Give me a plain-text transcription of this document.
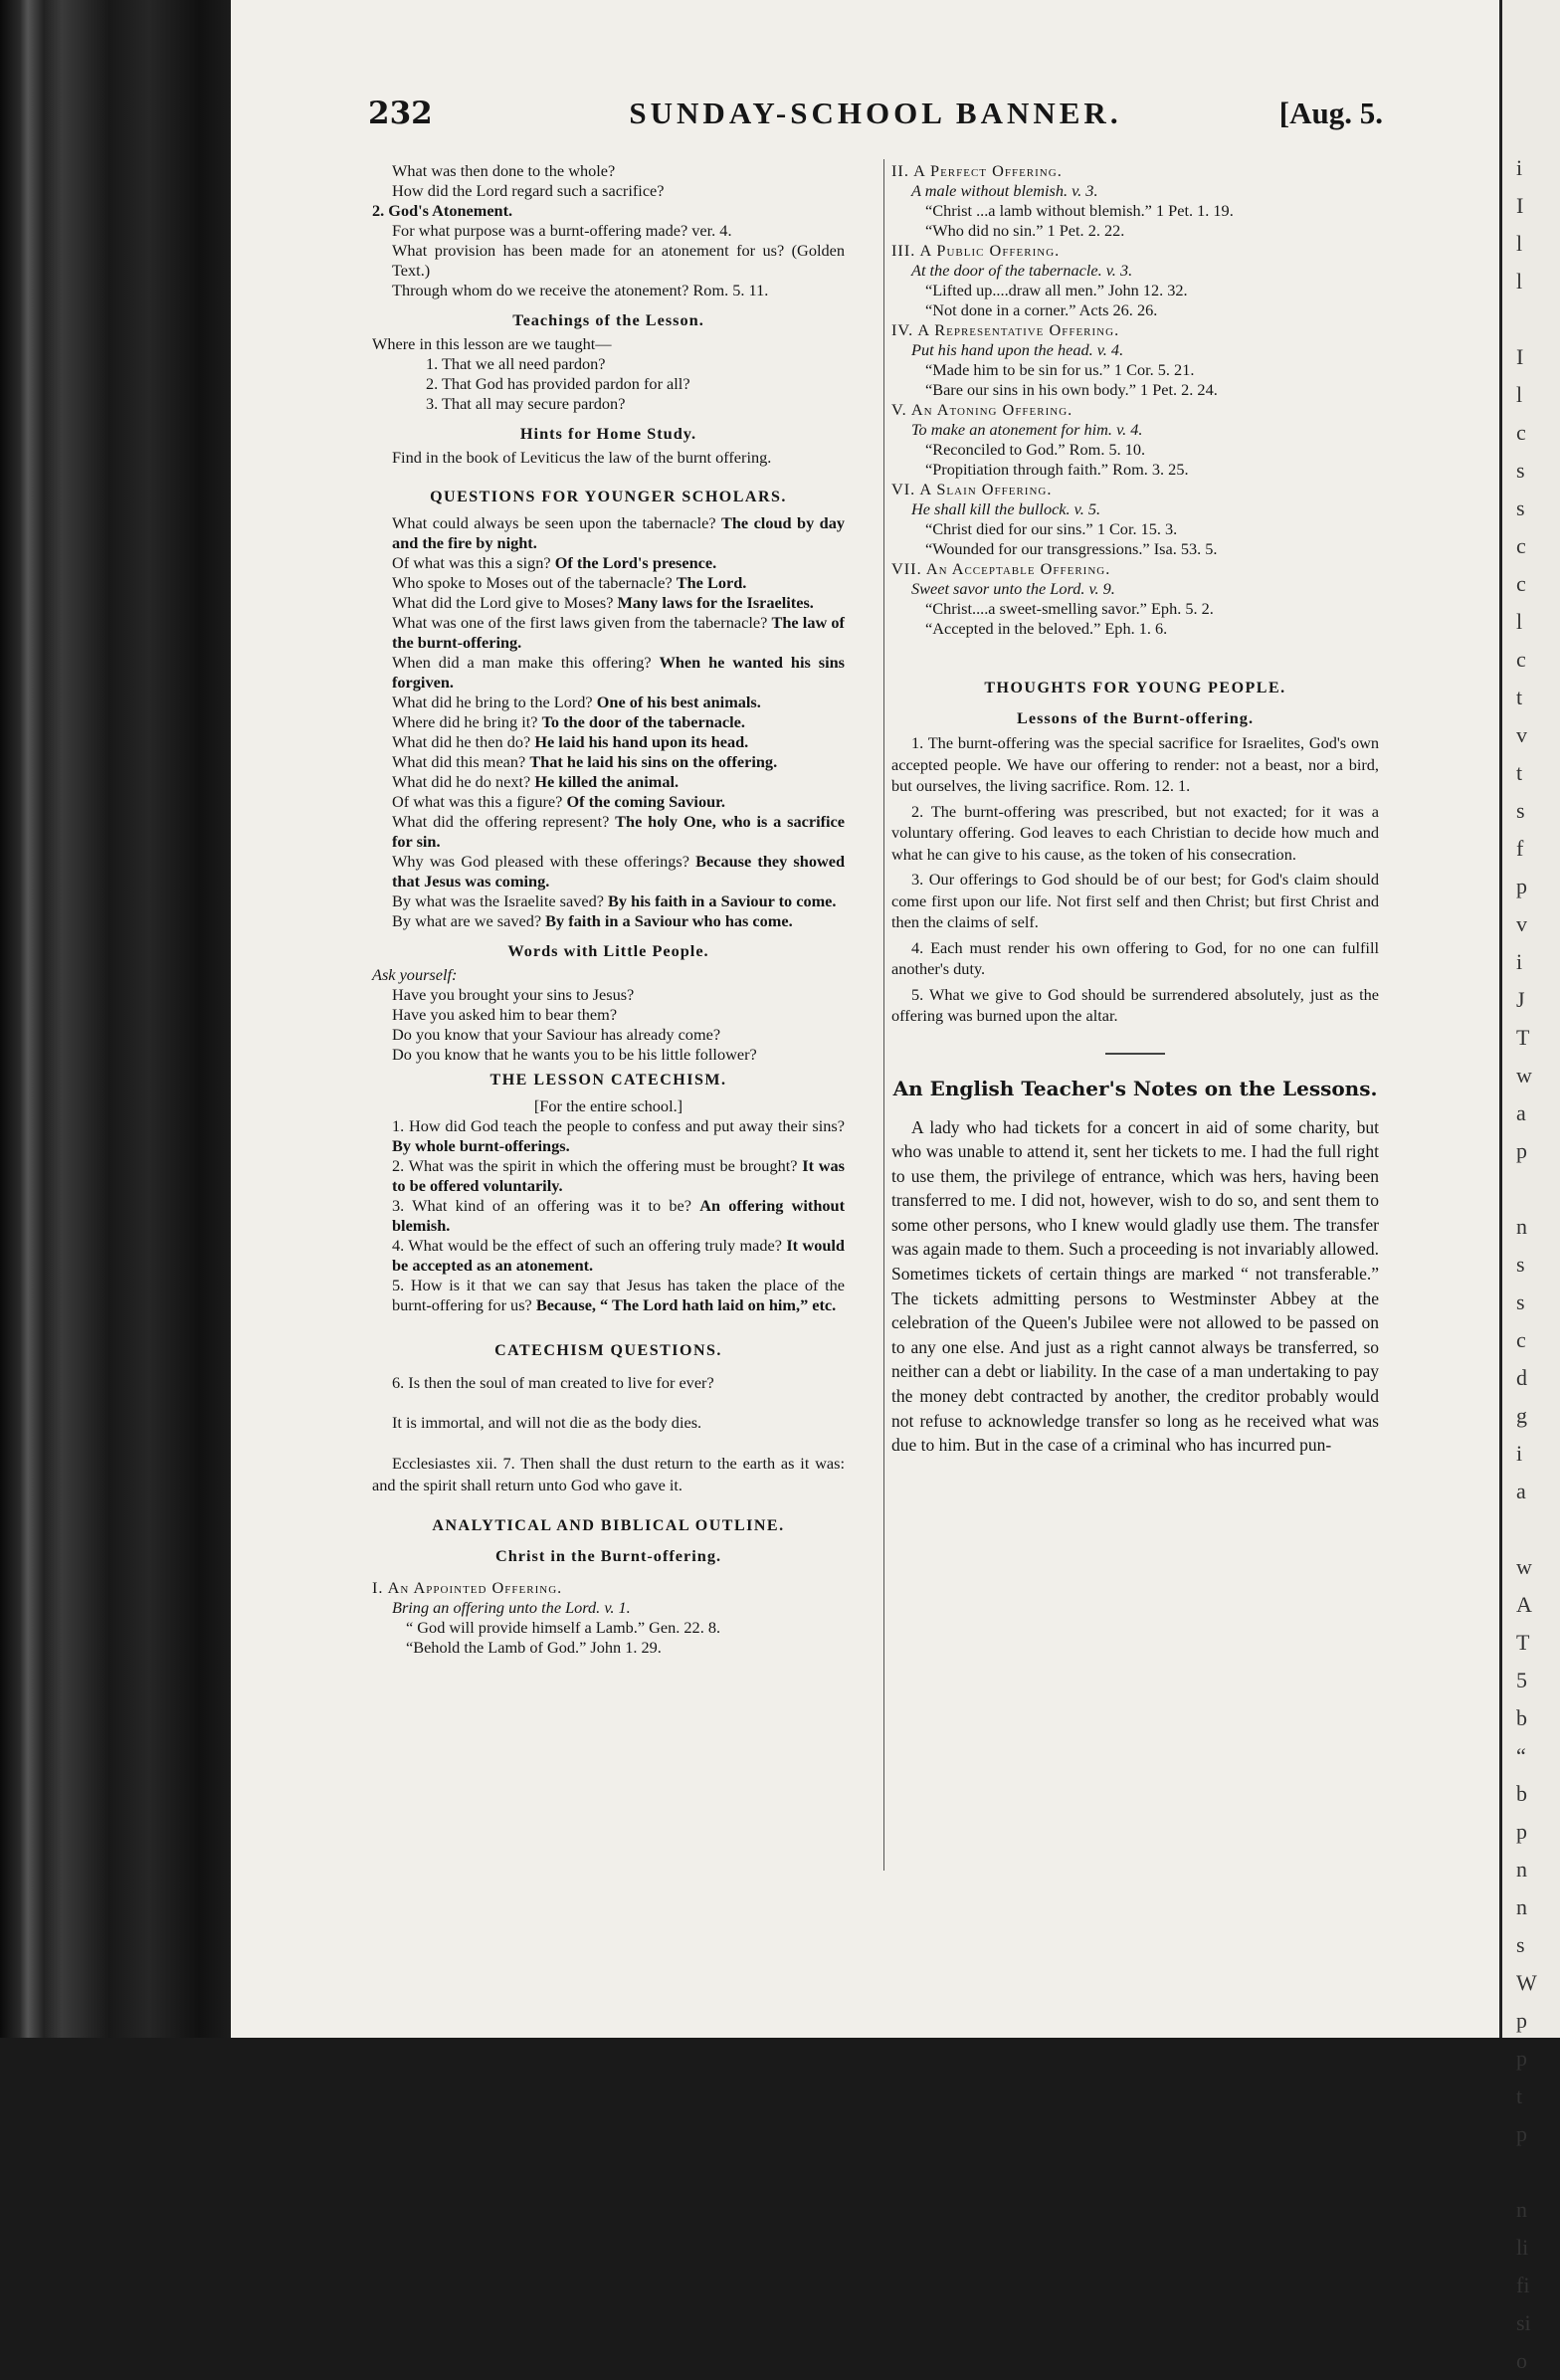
232	SUNDAY-SCHOOL BANNER.	[Aug. 5.

What was then done to the whole?

How did the Lord regard such a sacrifice?

2. God's Atonement.

For what purpose was a burnt-offering made? ver. 4.

What provision has been made for an atonement for us? (Golden Text.)

Through whom do we receive the atonement? Rom. 5. 11.

Teachings of the Lesson.

Where in this lesson are we taught—

1. That we all need pardon?

2. That God has provided pardon for all?

3. That all may secure pardon?

Hints for Home Study.

Find in the book of Leviticus the law of the burnt offering.

QUESTIONS FOR YOUNGER SCHOLARS.

What could always be seen upon the tabernacle? The cloud by day and the fire by night.

Of what was this a sign? Of the Lord's presence.

Who spoke to Moses out of the tabernacle? The Lord.

What did the Lord give to Moses? Many laws for the Israelites.

What was one of the first laws given from the tabernacle? The law of the burnt-offering.

When did a man make this offering? When he wanted his sins forgiven.

What did he bring to the Lord? One of his best animals.

Where did he bring it? To the door of the tabernacle.

What did he then do? He laid his hand upon its head.

What did this mean? That he laid his sins on the offering.

What did he do next? He killed the animal.

Of what was this a figure? Of the coming Saviour.

What did the offering represent? The holy One, who is a sacrifice for sin.

Why was God pleased with these offerings? Because they showed that Jesus was coming.

By what was the Israelite saved? By his faith in a Saviour to come.

By what are we saved? By faith in a Saviour who has come.

Words with Little People.

Ask yourself:

Have you brought your sins to Jesus?

Have you asked him to bear them?

Do you know that your Saviour has already come?

Do you know that he wants you to be his little follower?

THE LESSON CATECHISM.

[For the entire school.]

1. How did God teach the people to confess and put away their sins? By whole burnt-offerings.

2. What was the spirit in which the offering must be brought? It was to be offered voluntarily.

3. What kind of an offering was it to be? An offering without blemish.

4. What would be the effect of such an offering truly made? It would be accepted as an atonement.

5. How is it that we can say that Jesus has taken the place of the burnt-offering for us? Because, “ The Lord hath laid on him,” etc.

CATECHISM QUESTIONS.

6. Is then the soul of man created to live for ever?

It is immortal, and will not die as the body dies.

Ecclesiastes xii. 7. Then shall the dust return to the earth as it was: and the spirit shall return unto God who gave it.

ANALYTICAL AND BIBLICAL OUTLINE.

Christ in the Burnt-offering.

I. An Appointed Offering.

Bring an offering unto the Lord. v. 1.

“ God will provide himself a Lamb.” Gen. 22. 8.

“Behold the Lamb of God.” John 1. 29.

II. A Perfect Offering.

A male without blemish. v. 3.

“Christ ...a lamb without blemish.” 1 Pet. 1. 19.

“Who did no sin.” 1 Pet. 2. 22.

III. A Public Offering.

At the door of the tabernacle. v. 3.

“Lifted up....draw all men.” John 12. 32.

“Not done in a corner.” Acts 26. 26.

IV. A Representative Offering.

Put his hand upon the head. v. 4.

“Made him to be sin for us.” 1 Cor. 5. 21.

“Bare our sins in his own body.” 1 Pet. 2. 24.

V. An Atoning Offering.

To make an atonement for him. v. 4.

“Reconciled to God.” Rom. 5. 10.

“Propitiation through faith.” Rom. 3. 25.

VI. A Slain Offering.

He shall kill the bullock. v. 5.

“Christ died for our sins.” 1 Cor. 15. 3.

“Wounded for our transgressions.” Isa. 53. 5.

VII. An Acceptable Offering.

Sweet savor unto the Lord. v. 9.

“Christ....a sweet-smelling savor.” Eph. 5. 2.

“Accepted in the beloved.” Eph. 1. 6.

THOUGHTS FOR YOUNG PEOPLE.

Lessons of the Burnt-offering.

1. The burnt-offering was the special sacrifice for Israelites, God's own accepted people. We have our offering to render: not a beast, nor a bird, but ourselves, the living sacrifice. Rom. 12. 1.

2. The burnt-offering was prescribed, but not exacted; for it was a voluntary offering. God leaves to each Christian to decide how much and what he can give to his cause, as the token of his consecration.

3. Our offerings to God should be of our best; for God's claim should come first upon our life. Not first self and then Christ; but first Christ and then the claims of self.

4. Each must render his own offering to God, for no one can fulfill another's duty.

5. What we give to God should be surrendered absolutely, just as the offering was burned upon the altar.

An English Teacher's Notes on the Lessons.

A lady who had tickets for a concert in aid of some charity, but who was unable to attend it, sent her tickets to me. I had the full right to use them, the privilege of entrance, which was hers, having been transferred to me. I did not, however, wish to do so, and sent them to some other persons, who I knew would gladly use them. The transfer was again made to them. Such a proceeding is not invariably allowed. Sometimes tickets of certain things are marked “ not transferable.” The tickets admitting persons to Westminster Abbey at the celebration of the Queen's Jubilee were not allowed to be passed on to any one else. And just as a right cannot always be transferred, so neither can a debt or liability. In the case of a man undertaking to pay the money debt contracted by another, the creditor probably would not refuse to acknowledge transfer so long as he received what was due to him. But in the case of a criminal who has incurred pun-

i
I
l
l

I
l
c
s
s
c
c
l
c
t
v
t
s
f
p
v
i
J
T
w
a
p

n
s
s
c
d
g
i
a

w
A
T
5
b
“
b
p
n
n
s
W
p
p
t
p

n
li
fi
si
o
